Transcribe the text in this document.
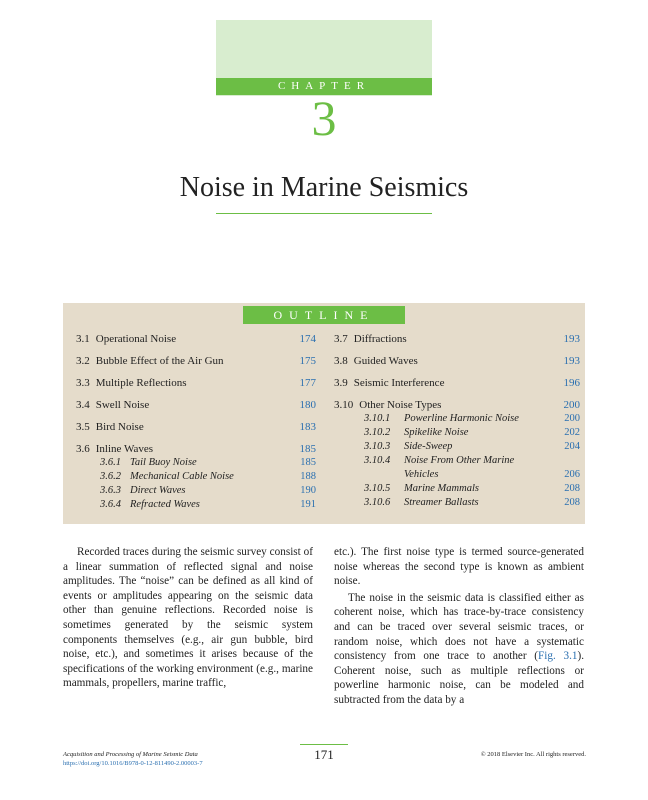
CHAPTER
3
Noise in Marine Seismics
OUTLINE
3.1 Operational Noise	174
3.2 Bubble Effect of the Air Gun	175
3.3 Multiple Reflections	177
3.4 Swell Noise	180
3.5 Bird Noise	183
3.6 Inline Waves	185
3.6.1 Tail Buoy Noise	185
3.6.2 Mechanical Cable Noise	188
3.6.3 Direct Waves	190
3.6.4 Refracted Waves	191
3.7 Diffractions	193
3.8 Guided Waves	193
3.9 Seismic Interference	196
3.10 Other Noise Types	200
3.10.1 Powerline Harmonic Noise	200
3.10.2 Spikelike Noise	202
3.10.3 Side-Sweep	204
3.10.4 Noise From Other Marine
Vehicles	206
3.10.5 Marine Mammals	208
3.10.6 Streamer Ballasts	208

Recorded traces during the seismic survey consist of a linear summation of reflected signal and noise amplitudes. The “noise” can be defined as all kind of events or amplitudes appearing on the seismic data other than genuine reflections. Recorded noise is sometimes generated by the seismic system components themselves (e.g., air gun bubble, bird noise, etc.), and sometimes it arises because of the specifications of the working environment (e.g., marine mammals, propellers, marine traffic,

etc.). The first noise type is termed source-generated noise whereas the second type is known as ambient noise.

The noise in the seismic data is classified either as coherent noise, which has trace-by-trace consistency and can be traced over several seismic traces, or random noise, which does not have a systematic consistency from one trace to another (Fig. 3.1). Coherent noise, such as multiple reflections or powerline harmonic noise, can be modeled and subtracted from the data by a

171
Acquisition and Processing of Marine Seismic Data
https://doi.org/10.1016/B978-0-12-811490-2.00003-7
© 2018 Elsevier Inc. All rights reserved.
